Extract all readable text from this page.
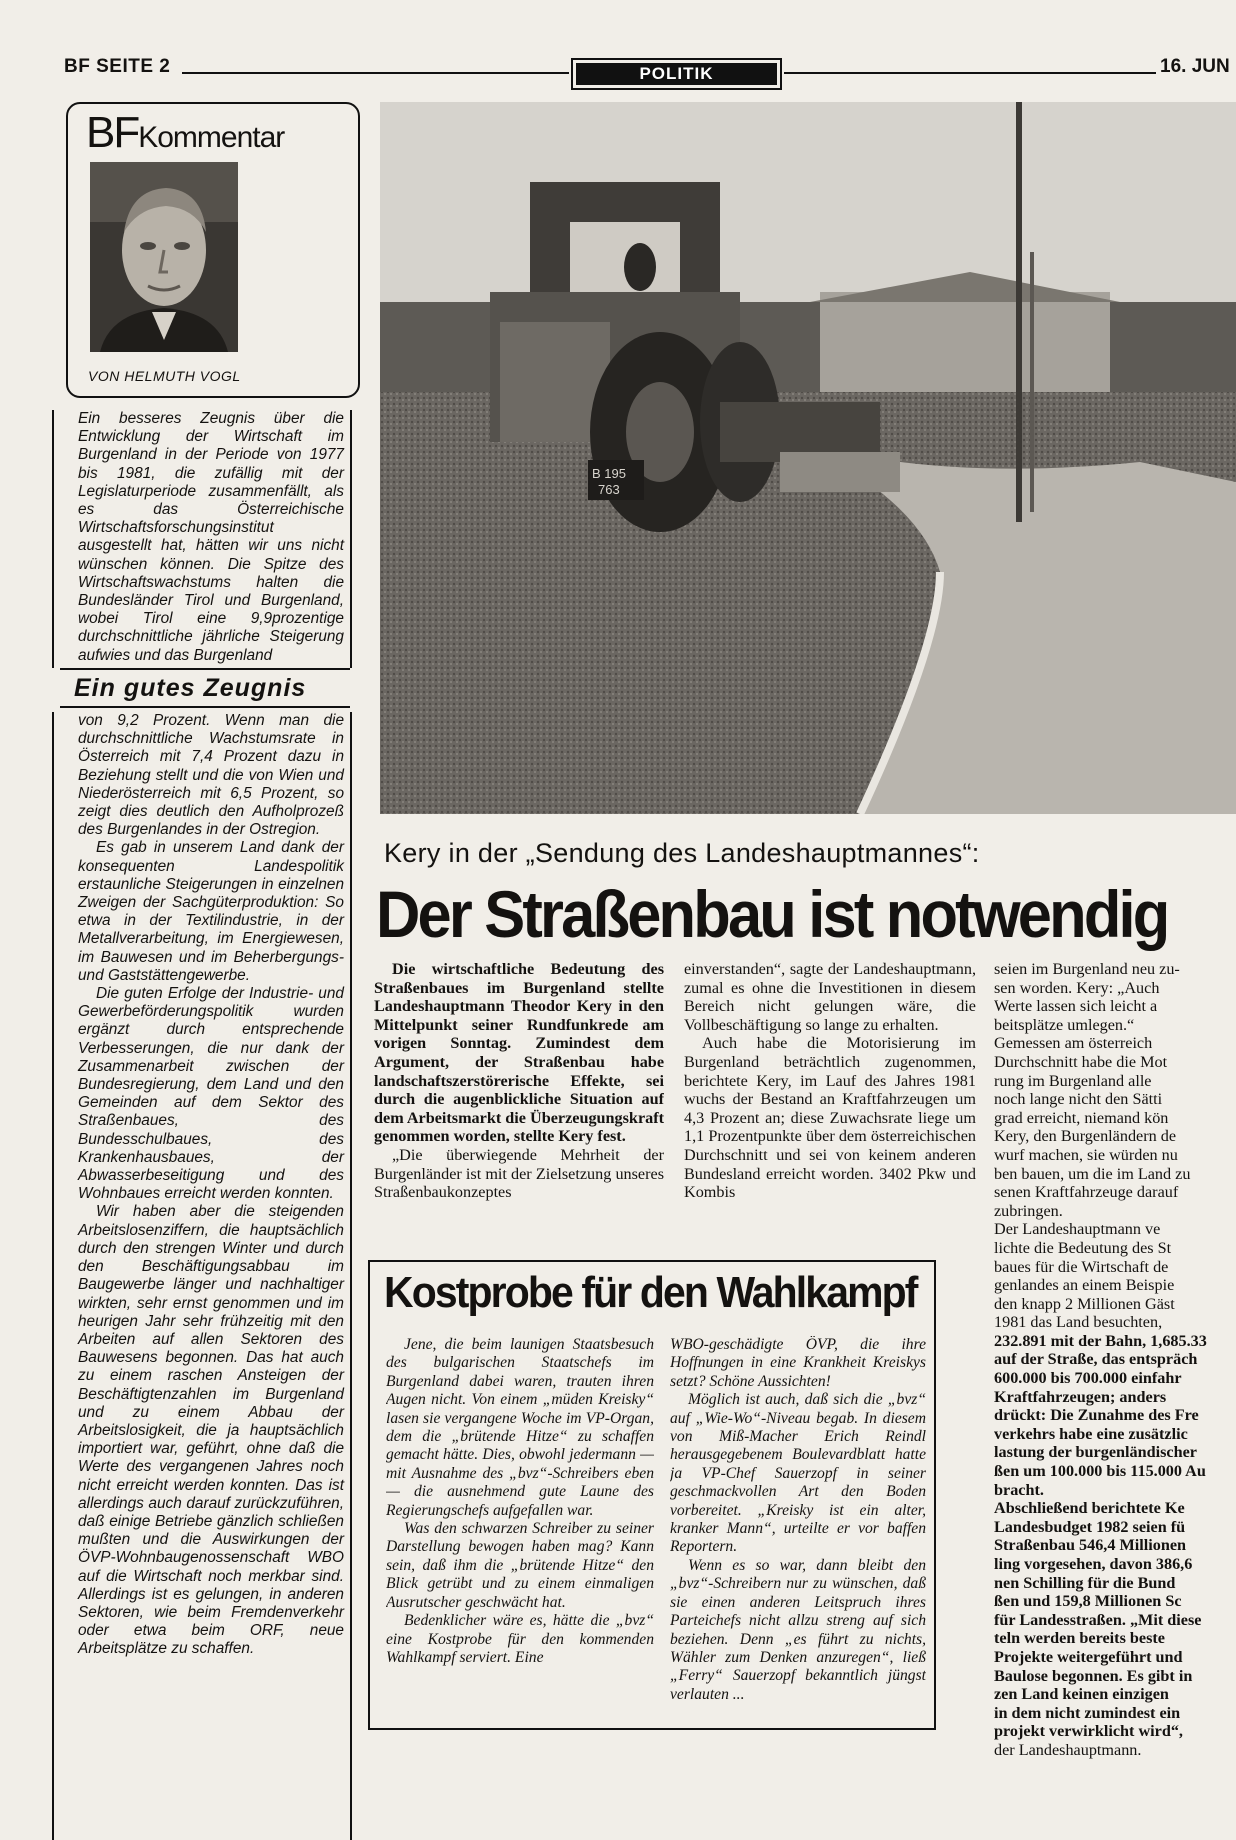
BF SEITE 2	POLITIK	16. JUN
BFKommentar
VON HELMUTH VOGL

Ein besseres Zeugnis über die Entwicklung der Wirtschaft im Burgenland in der Periode von 1977 bis 1981, die zufällig mit der Legislaturperiode zusammenfällt, als es das Österreichische Wirtschaftsforschungsinstitut ausgestellt hat, hätten wir uns nicht wünschen können. Die Spitze des Wirtschaftswachstums halten die Bundesländer Tirol und Burgenland, wobei Tirol eine 9,9prozentige durchschnittliche jährliche Steigerung aufwies und das Burgenland

Ein gutes Zeugnis

von 9,2 Prozent. Wenn man die durchschnittliche Wachstumsrate in Österreich mit 7,4 Prozent dazu in Beziehung stellt und die von Wien und Niederösterreich mit 6,5 Prozent, so zeigt dies deutlich den Aufholprozeß des Burgenlandes in der Ostregion.

Es gab in unserem Land dank der konsequenten Landespolitik erstaunliche Steigerungen in einzelnen Zweigen der Sachgüterproduktion: So etwa in der Textilindustrie, in der Metallverarbeitung, im Energiewesen, im Bauwesen und im Beherbergungs- und Gaststättengewerbe.

Die guten Erfolge der Industrie- und Gewerbeförderungspolitik wurden ergänzt durch entsprechende Verbesserungen, die nur dank der Zusammenarbeit zwischen der Bundesregierung, dem Land und den Gemeinden auf dem Sektor des Straßenbaues, des Bundesschulbaues, des Krankenhausbaues, der Abwasserbeseitigung und des Wohnbaues erreicht werden konnten.

Wir haben aber die steigenden Arbeitslosenziffern, die hauptsächlich durch den strengen Winter und durch den Beschäftigungsabbau im Baugewerbe länger und nachhaltiger wirkten, sehr ernst genommen und im heurigen Jahr sehr frühzeitig mit den Arbeiten auf allen Sektoren des Bauwesens begonnen. Das hat auch zu einem raschen Ansteigen der Beschäftigtenzahlen im Burgenland und zu einem Abbau der Arbeitslosigkeit, die ja hauptsächlich importiert war, geführt, ohne daß die Werte des vergangenen Jahres noch nicht erreicht werden konnten. Das ist allerdings auch darauf zurückzuführen, daß einige Betriebe gänzlich schließen mußten und die Auswirkungen der ÖVP-Wohnbaugenossenschaft WBO auf die Wirtschaft noch merkbar sind. Allerdings ist es gelungen, in anderen Sektoren, wie beim Fremdenverkehr oder etwa beim ORF, neue Arbeitsplätze zu schaffen.

B 195
763
Kery in der „Sendung des Landeshauptmannes“:
Der Straßenbau ist notwendig

Die wirtschaftliche Bedeutung des Straßenbaues im Burgenland stellte Landeshauptmann Theodor Kery in den Mittelpunkt seiner Rundfunkrede am vorigen Sonntag. Zumindest dem Argument, der Straßenbau habe landschaftszerstörerische Effekte, sei durch die augenblickliche Situation auf dem Arbeitsmarkt die Überzeugungskraft genommen worden, stellte Kery fest.

„Die überwiegende Mehrheit der Burgenländer ist mit der Zielsetzung unseres Straßenbaukonzeptes

einverstanden“, sagte der Landeshauptmann, zumal es ohne die Investitionen in diesem Bereich nicht gelungen wäre, die Vollbeschäftigung so lange zu erhalten.

Auch habe die Motorisierung im Burgenland beträchtlich zugenommen, berichtete Kery, im Lauf des Jahres 1981 wuchs der Bestand an Kraftfahrzeugen um 4,3 Prozent an; diese Zuwachsrate liege um 1,1 Prozentpunkte über dem österreichischen Durchschnitt und sei von keinem anderen Bundesland erreicht worden. 3402 Pkw und Kombis

seien im Burgenland neu zu-
sen worden. Kery: „Auch
Werte lassen sich leicht a
beitsplätze umlegen.“
Gemessen am österreich
Durchschnitt habe die Mot
rung im Burgenland alle
noch lange nicht den Sätti
grad erreicht, niemand kön
Kery, den Burgenländern de
wurf machen, sie würden nu
ben bauen, um die im Land zu
senen Kraftfahrzeuge darauf
zubringen.
Der Landeshauptmann ve
lichte die Bedeutung des St
baues für die Wirtschaft de
genlandes an einem Beispie
den knapp 2 Millionen Gäst
1981 das Land besuchten,
232.891 mit der Bahn, 1,685.33
auf der Straße, das entspräch
600.000 bis 700.000 einfahr
Kraftfahrzeugen; anders
drückt: Die Zunahme des Fre
verkehrs habe eine zusätzlic
lastung der burgenländischer
ßen um 100.000 bis 115.000 Au
bracht.
Abschließend berichtete Ke
Landesbudget 1982 seien fü
Straßenbau 546,4 Millionen
ling vorgesehen, davon 386,6
nen Schilling für die Bund
ßen und 159,8 Millionen Sc
für Landesstraßen. „Mit diese
teln werden bereits beste
Projekte weitergeführt und
Baulose begonnen. Es gibt in
zen Land keinen einzigen
in dem nicht zumindest ein
projekt verwirklicht wird“,
der Landeshauptmann.
Kostprobe für den Wahlkampf

Jene, die beim launigen Staatsbesuch des bulgarischen Staatschefs im Burgenland dabei waren, trauten ihren Augen nicht. Von einem „müden Kreisky“ lasen sie vergangene Woche im VP-Organ, dem die „brütende Hitze“ zu schaffen gemacht hätte. Dies, obwohl jedermann — mit Ausnahme des „bvz“-Schreibers eben — die ausnehmend gute Laune des Regierungschefs aufgefallen war.

Was den schwarzen Schreiber zu seiner Darstellung bewogen haben mag? Kann sein, daß ihm die „brütende Hitze“ den Blick getrübt und zu einem einmaligen Ausrutscher geschwächt hat.

Bedenklicher wäre es, hätte die „bvz“ eine Kostprobe für den kommenden Wahlkampf serviert. Eine

WBO-geschädigte ÖVP, die ihre Hoffnungen in eine Krankheit Kreiskys setzt? Schöne Aussichten!

Möglich ist auch, daß sich die „bvz“ auf „Wie-Wo“-Niveau begab. In diesem von Miß-Macher Erich Reindl herausgegebenem Boulevardblatt hatte ja VP-Chef Sauerzopf in seiner geschmackvollen Art den Boden vorbereitet. „Kreisky ist ein alter, kranker Mann“, urteilte er vor baffen Reportern.

Wenn es so war, dann bleibt den „bvz“-Schreibern nur zu wünschen, daß sie einen anderen Leitspruch ihres Parteichefs nicht allzu streng auf sich beziehen. Denn „es führt zu nichts, Wähler zum Denken anzuregen“, ließ „Ferry“ Sauerzopf bekanntlich jüngst verlauten ...
